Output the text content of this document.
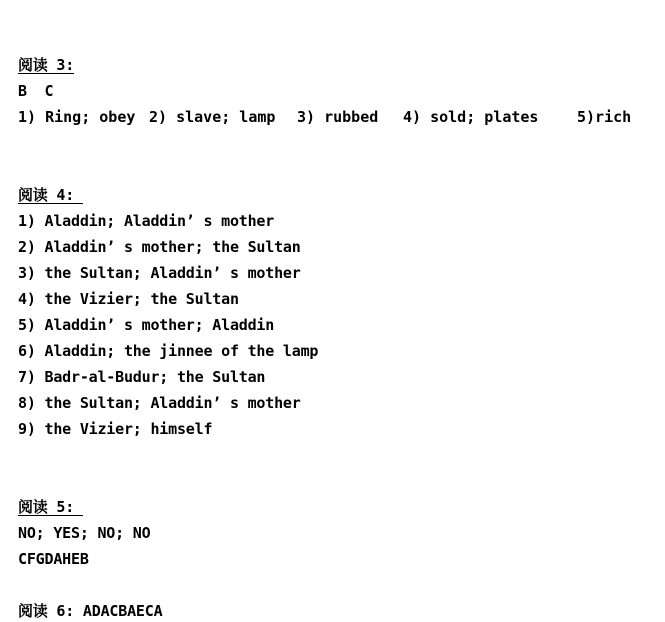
阅读 3:
B  C

1) Ring; obey

2) slave; lamp

3) rubbed

4) sold; plates

	5)rich

阅读 4:
1) Aladdin; Aladdin’ s mother
2) Aladdin’ s mother; the Sultan
3) the Sultan; Aladdin’ s mother
4) the Vizier; the Sultan
5) Aladdin’ s mother; Aladdin
6) Aladdin; the jinnee of the lamp
7) Badr-al-Budur; the Sultan
8) the Sultan; Aladdin’ s mother
9) the Vizier; himself
阅读 5:
NO; YES; NO; NO
CFGDAHEB
阅读 6: ADACBAECA
